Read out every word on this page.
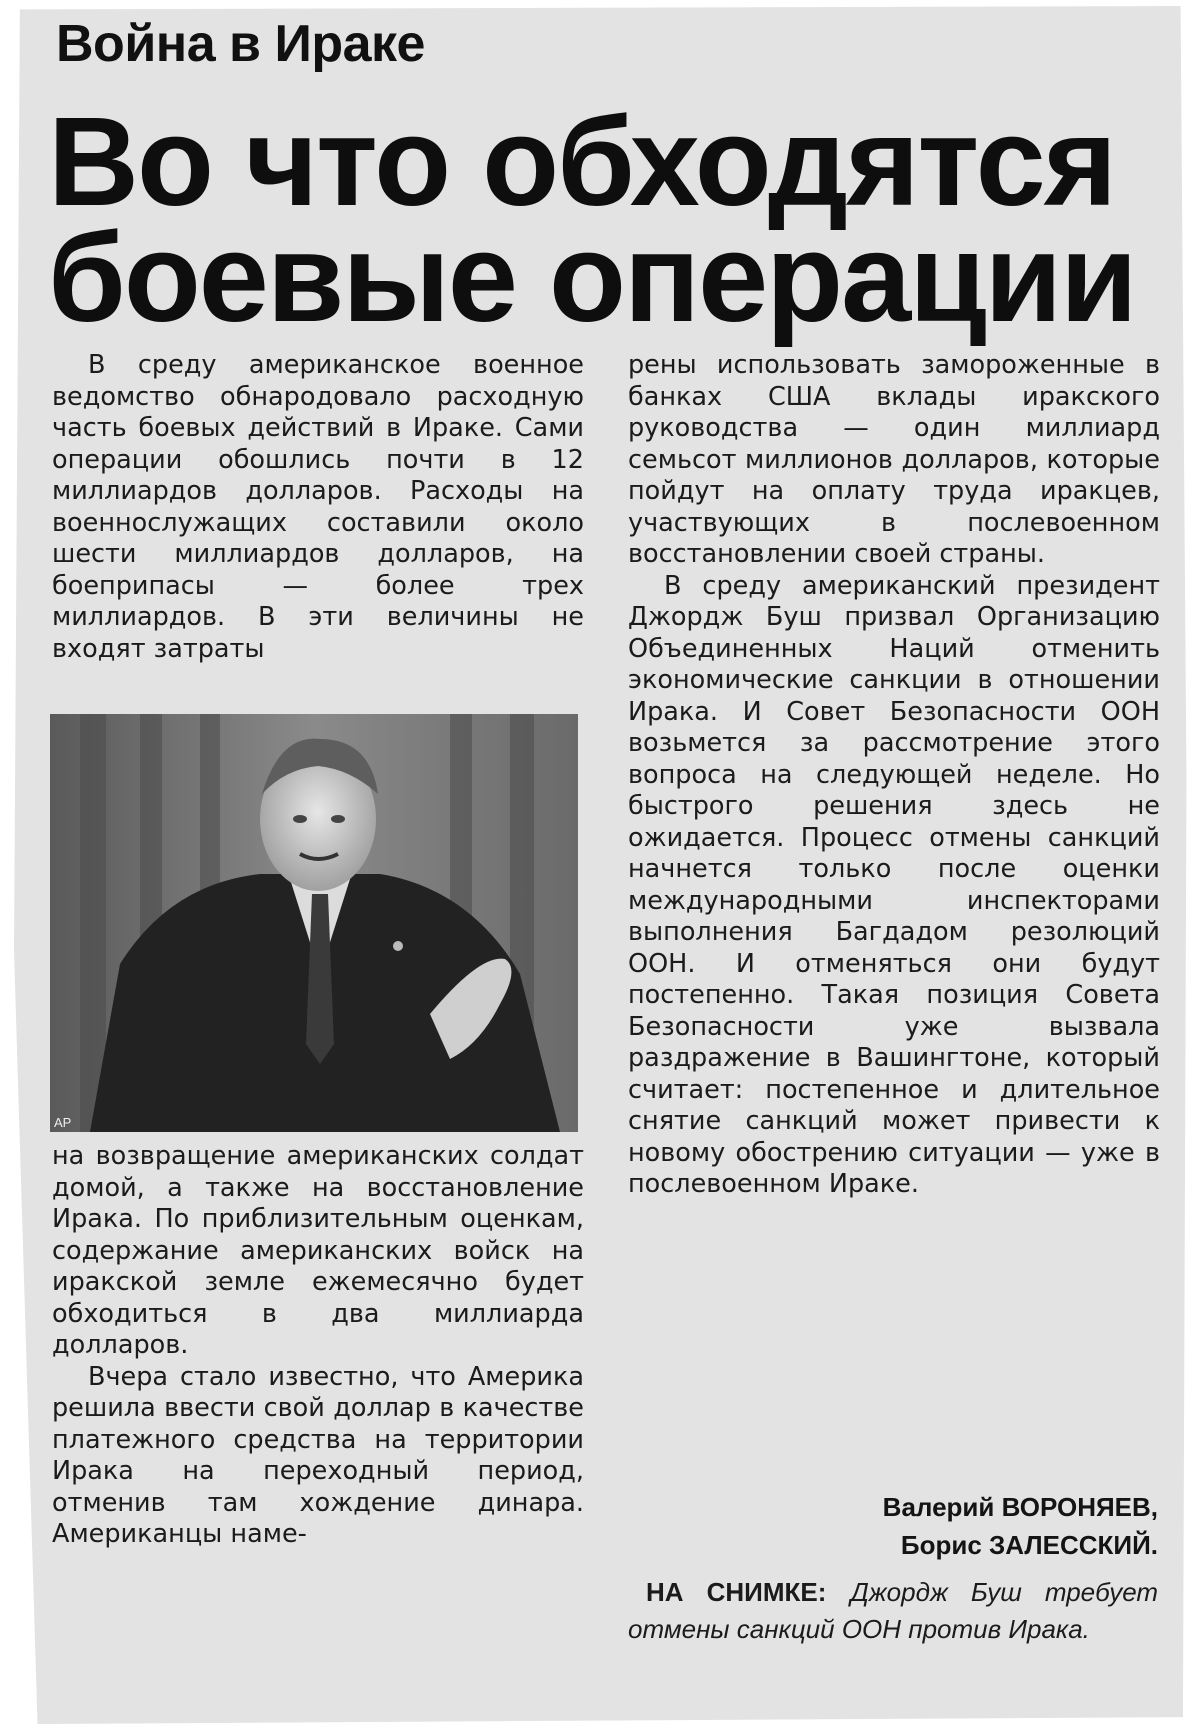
Война в Ираке
Во что обходятся
боевые операции

В среду американское военное ведомство обнародовало расходную часть боевых действий в Ираке. Сами операции обошлись почти в 12 миллиардов долларов. Расходы на военнослужащих составили около шести миллиардов долларов, на боеприпасы — более трех миллиардов. В эти величины не входят затраты

AP

на возвращение американских солдат домой, а также на восстановление Ирака. По приблизительным оценкам, содержание американских войск на иракской земле ежемесячно будет обходиться в два миллиарда долларов.

Вчера стало известно, что Америка решила ввести свой доллар в качестве платежного средства на территории Ирака на переходный период, отменив там хождение динара. Американцы наме-

рены использовать замороженные в банках США вклады иракского руководства — один миллиард семьсот миллионов долларов, которые пойдут на оплату труда иракцев, участвующих в послевоенном восстановлении своей страны.

В среду американский президент Джордж Буш призвал Организацию Объединенных Наций отменить экономические санкции в отношении Ирака. И Совет Безопасности ООН возьмется за рассмотрение этого вопроса на следующей неделе. Но быстрого решения здесь не ожидается. Процесс отмены санкций начнется только после оценки международными инспекторами выполнения Багдадом резолюций ООН. И отменяться они будут постепенно. Такая позиция Совета Безопасности уже вызвала раздражение в Вашингтоне, который считает: постепенное и длительное снятие санкций может привести к новому обострению ситуации — уже в послевоенном Ираке.

Валерий ВОРОНЯЕВ,
Борис ЗАЛЕССКИЙ.
НА СНИМКЕ: Джордж Буш требует отмены санкций ООН против Ирака.
